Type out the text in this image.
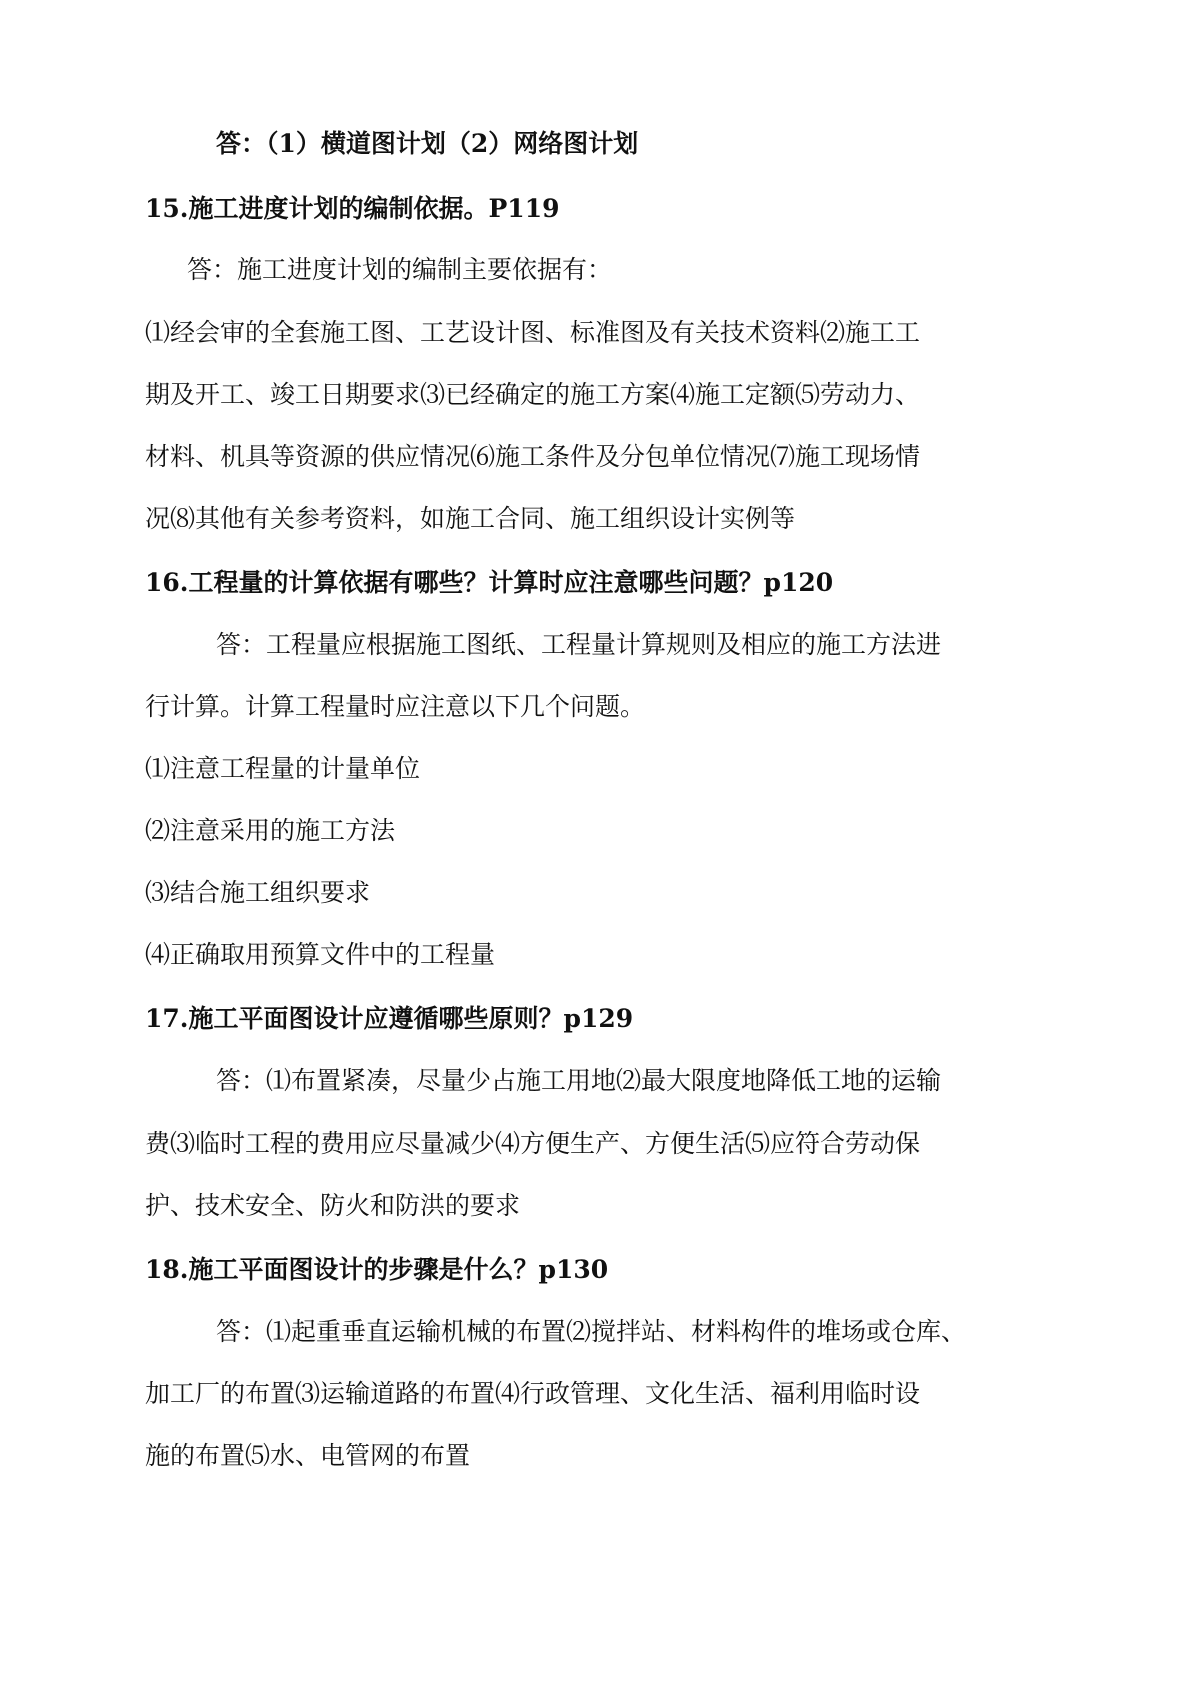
答：（1）横道图计划（2）网络图计划
15.施工进度计划的编制依据。P119
答：施工进度计划的编制主要依据有：
⑴经会审的全套施工图、工艺设计图、标准图及有关技术资料⑵施工工
期及开工、竣工日期要求⑶已经确定的施工方案⑷施工定额⑸劳动力、
材料、机具等资源的供应情况⑹施工条件及分包单位情况⑺施工现场情
况⑻其他有关参考资料，如施工合同、施工组织设计实例等
16.工程量的计算依据有哪些？计算时应注意哪些问题？p120
答：工程量应根据施工图纸、工程量计算规则及相应的施工方法进
行计算。计算工程量时应注意以下几个问题。
⑴注意工程量的计量单位
⑵注意采用的施工方法
⑶结合施工组织要求
⑷正确取用预算文件中的工程量
17.施工平面图设计应遵循哪些原则？p129
答：⑴布置紧凑，尽量少占施工用地⑵最大限度地降低工地的运输
费⑶临时工程的费用应尽量减少⑷方便生产、方便生活⑸应符合劳动保
护、技术安全、防火和防洪的要求
18.施工平面图设计的步骤是什么？p130
答：⑴起重垂直运输机械的布置⑵搅拌站、材料构件的堆场或仓库、
加工厂的布置⑶运输道路的布置⑷行政管理、文化生活、福利用临时设
施的布置⑸水、电管网的布置
